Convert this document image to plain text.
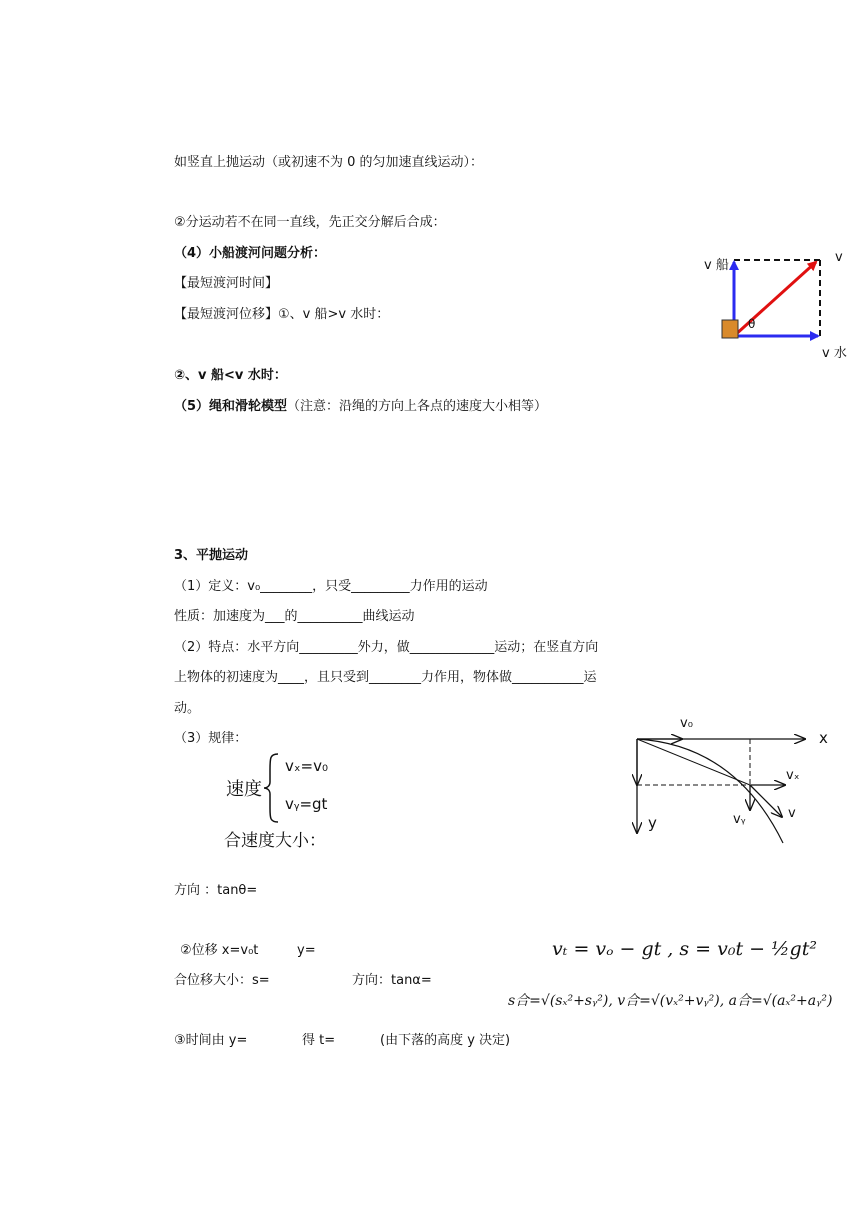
如竖直上抛运动（或初速不为 0 的匀加速直线运动）：
②分运动若不在同一直线，先正交分解后合成：
（4）小船渡河问题分析：
【最短渡河时间】
【最短渡河位移】①、v 船>v 水时：
②、v 船<v 水时：
（5）绳和滑轮模型（注意：沿绳的方向上各点的速度大小相等）
3、平抛运动
（1）定义：v₀________，只受_________力作用的运动
性质：加速度为___的__________曲线运动
（2）特点：水平方向_________外力，做_____________运动；在竖直方向
上物体的初速度为____，且只受到________力作用，物体做___________运
动。
（3）规律：
速度
vₓ=v₀
vᵧ=gt
合速度大小：
方向 ：tanθ=
②位移 x=v₀t	y=
合位移大小：s=	方向：tanα=
③时间由 y=	得 t=	(由下落的高度 y 决定)
vₜ = vₒ − gt , s = v₀t − ½gt²
s合=√(sₓ²+sᵧ²), v合=√(vₓ²+vᵧ²), a合=√(aₓ²+aᵧ²)
v 船
v
θ
v 水
v₀
x
vₓ
vᵧ	v
y
